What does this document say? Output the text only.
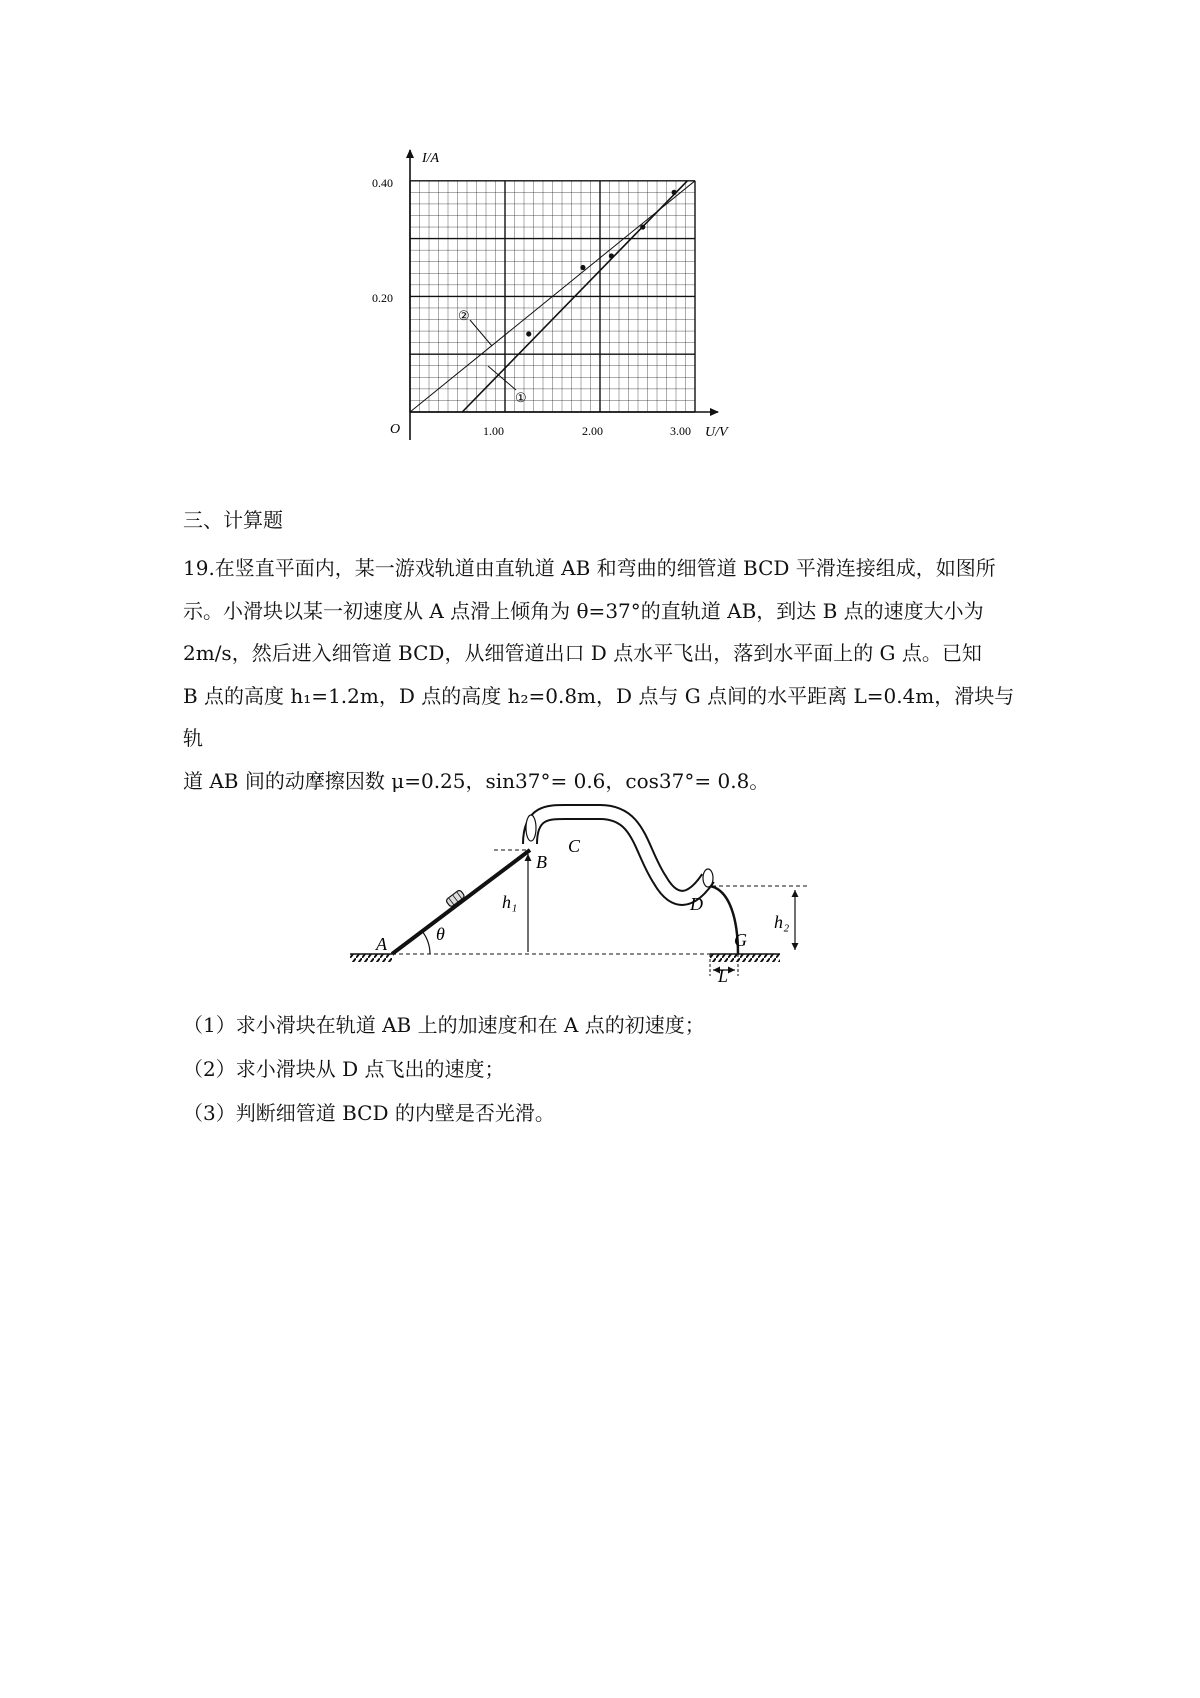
I/A
U/V
O
0.20
0.40
1.00	2.00	3.00
②
①

三、计算题

19.在竖直平面内，某一游戏轨道由直轨道 AB 和弯曲的细管道 BCD 平滑连接组成，如图所
示。小滑块以某一初速度从 A 点滑上倾角为 θ=37°的直轨道 AB，到达 B 点的速度大小为
2m/s，然后进入细管道 BCD，从细管道出口 D 点水平飞出，落到水平面上的 G 点。已知
B 点的高度 h₁=1.2m，D 点的高度 h₂=0.8m，D 点与 G 点间的水平距离 L=0.4m，滑块与轨
道 AB 间的动摩擦因数 μ=0.25，sin37°= 0.6，cos37°= 0.8。
θ
A
B
C
D
G
h₁
h₂
L

（1）求小滑块在轨道 AB 上的加速度和在 A 点的初速度；

（2）求小滑块从 D 点飞出的速度；

（3）判断细管道 BCD 的内壁是否光滑。
